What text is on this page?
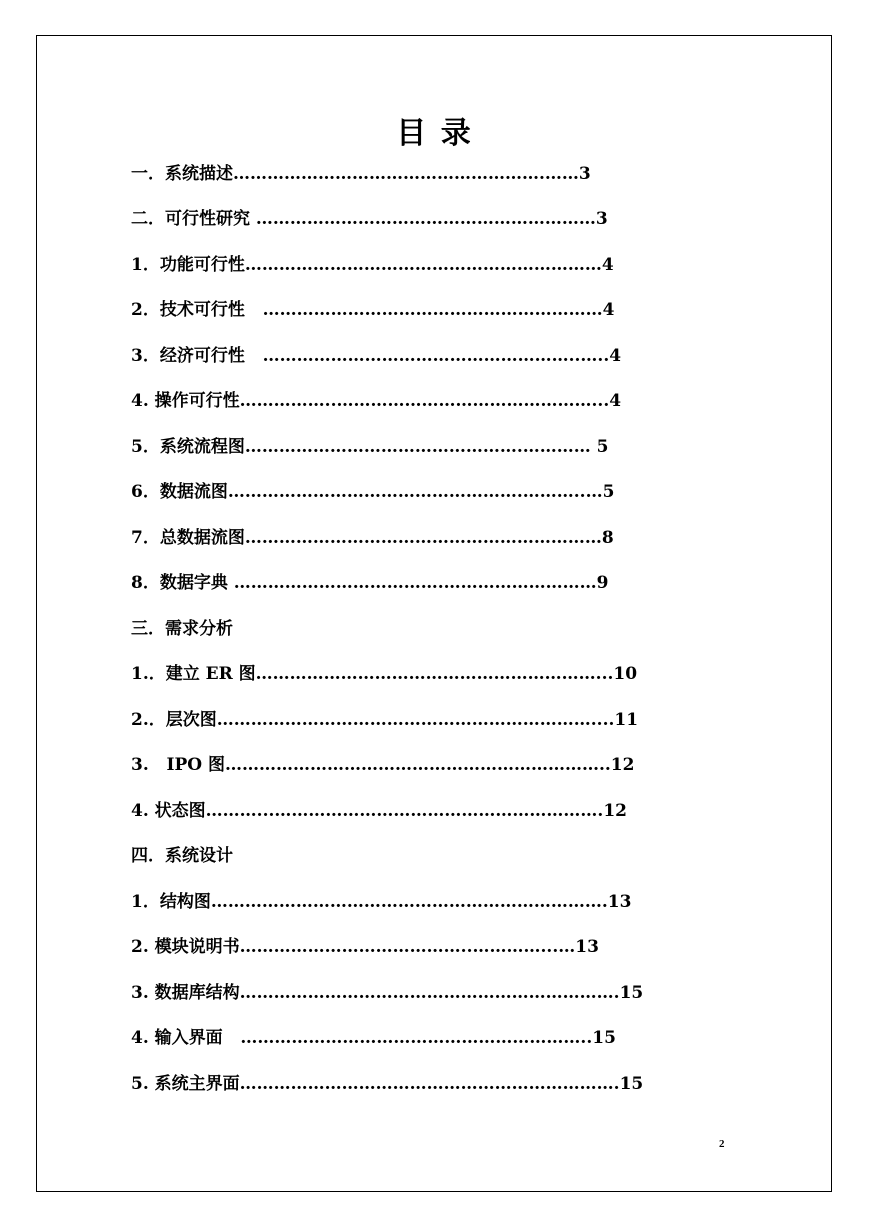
目 录
一．系统描述……………………………………………….……3
二．可行性研究 ……………………………………………………3
1．功能可行性………………………………………………………4
2．技术可行性   ……………………………………………………4
3．经济可行性   ………………………………………………..…..4
4. 操作可行性……………..………………………………………...4
5．系统流程图………………………………………….………… 5
6．数据流图…………………………………………….………..…5
7．总数据流图………………………………………………………8
8．数据字典 ……………………………….………………………9
三．需求分析
1.．建立 ER 图……………………………………………………...10
2.．层次图…………………………………………………………....11
3.   IPO 图…………………………………………………………..12
4. 状态图………...………………………………………………….12
四．系统设计
1．结构图…………………………………………………………….13
2. 模块说明书…………………………………..…………...…13
3. 数据库结构………………………………………………………….15
4. 输入界面   ……………………………………………………..15
5. 系统主界面………………………………………………………….15
2
